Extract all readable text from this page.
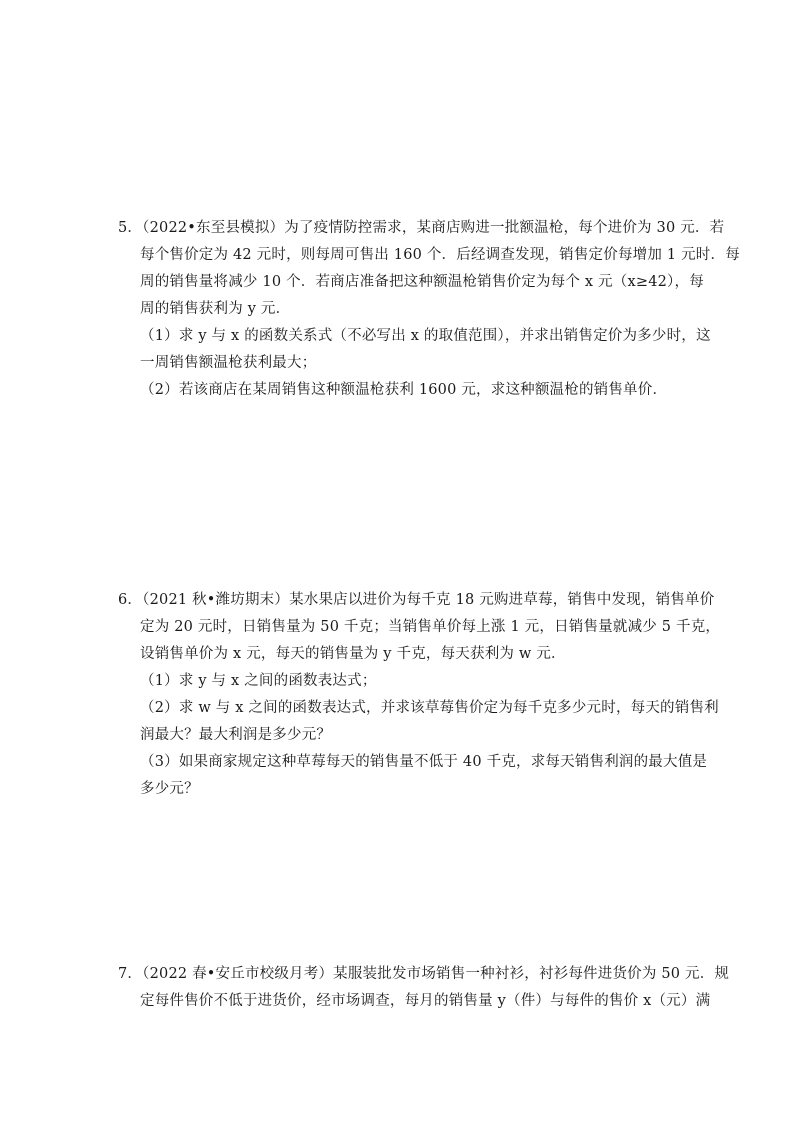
5．（2022•东至县模拟）为了疫情防控需求，某商店购进一批额温枪，每个进价为 30 元．若
每个售价定为 42 元时，则每周可售出 160 个．后经调查发现，销售定价每增加 1 元时．每
周的销售量将减少 10 个．若商店准备把这种额温枪销售价定为每个 x 元（x≥42），每
周的销售获利为 y 元．
（1）求 y 与 x 的函数关系式（不必写出 x 的取值范围），并求出销售定价为多少时，这
一周销售额温枪获利最大；
（2）若该商店在某周销售这种额温枪获利 1600 元，求这种额温枪的销售单价．
6．（2021 秋•潍坊期末）某水果店以进价为每千克 18 元购进草莓，销售中发现，销售单价
定为 20 元时，日销售量为 50 千克；当销售单价每上涨 1 元，日销售量就减少 5 千克，
设销售单价为 x 元，每天的销售量为 y 千克，每天获利为 w 元．
（1）求 y 与 x 之间的函数表达式；
（2）求 w 与 x 之间的函数表达式，并求该草莓售价定为每千克多少元时，每天的销售利
润最大？最大利润是多少元？
（3）如果商家规定这种草莓每天的销售量不低于 40 千克，求每天销售利润的最大值是
多少元？
7．（2022 春•安丘市校级月考）某服装批发市场销售一种衬衫，衬衫每件进货价为 50 元．规
定每件售价不低于进货价，经市场调查，每月的销售量 y（件）与每件的售价 x（元）满
